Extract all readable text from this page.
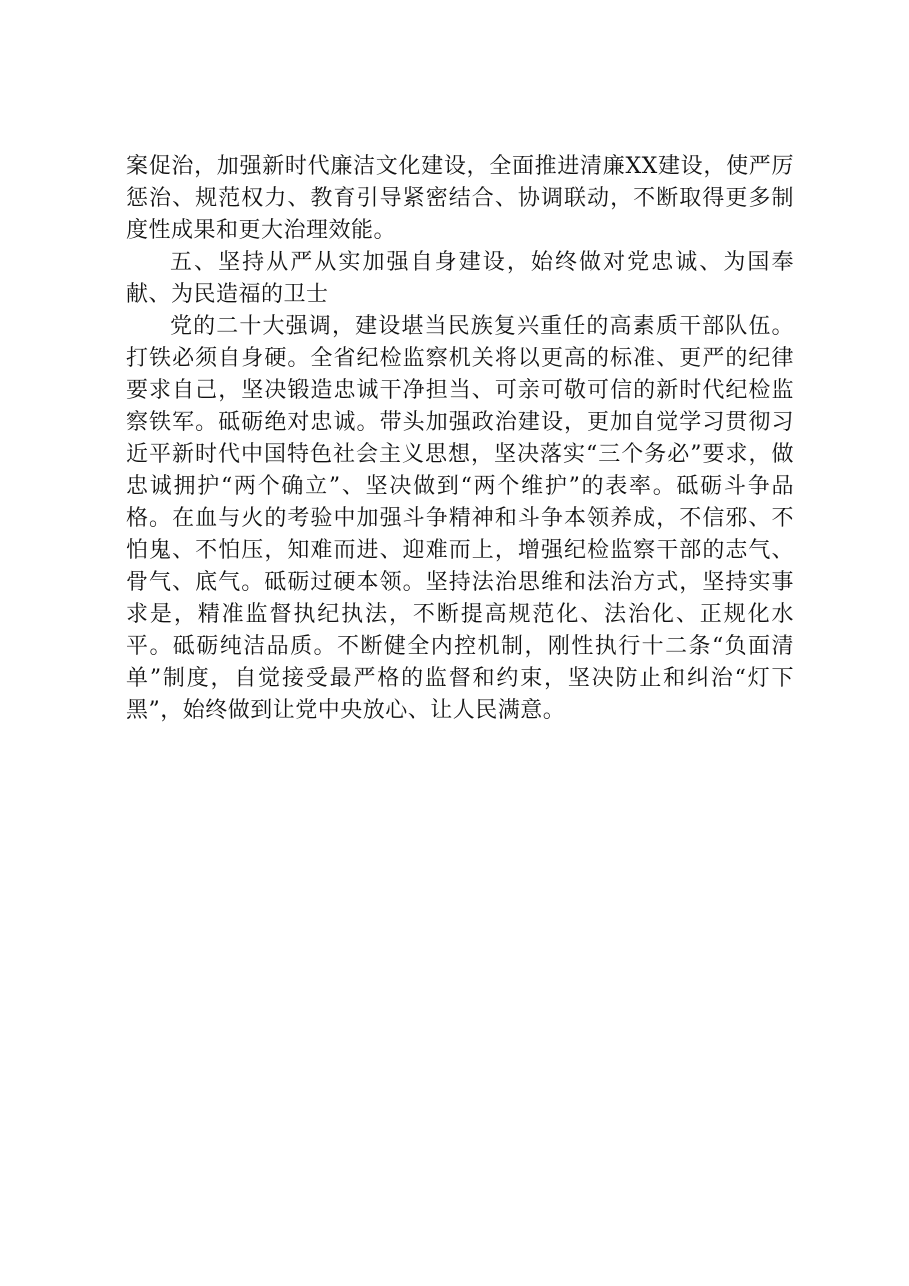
案促治，加强新时代廉洁文化建设，全面推进清廉XX建设，使严厉惩治、规范权力、教育引导紧密结合、协调联动，不断取得更多制度性成果和更大治理效能。

五、坚持从严从实加强自身建设，始终做对党忠诚、为国奉献、为民造福的卫士

党的二十大强调，建设堪当民族复兴重任的高素质干部队伍。打铁必须自身硬。全省纪检监察机关将以更高的标准、更严的纪律要求自己，坚决锻造忠诚干净担当、可亲可敬可信的新时代纪检监察铁军。砥砺绝对忠诚。带头加强政治建设，更加自觉学习贯彻习近平新时代中国特色社会主义思想，坚决落实“三个务必”要求，做忠诚拥护“两个确立”、坚决做到“两个维护”的表率。砥砺斗争品格。在血与火的考验中加强斗争精神和斗争本领养成，不信邪、不怕鬼、不怕压，知难而进、迎难而上，增强纪检监察干部的志气、骨气、底气。砥砺过硬本领。坚持法治思维和法治方式，坚持实事求是，精准监督执纪执法，不断提高规范化、法治化、正规化水平。砥砺纯洁品质。不断健全内控机制，刚性执行十二条“负面清单”制度，自觉接受最严格的监督和约束，坚决防止和纠治“灯下黑”，始终做到让党中央放心、让人民满意。
